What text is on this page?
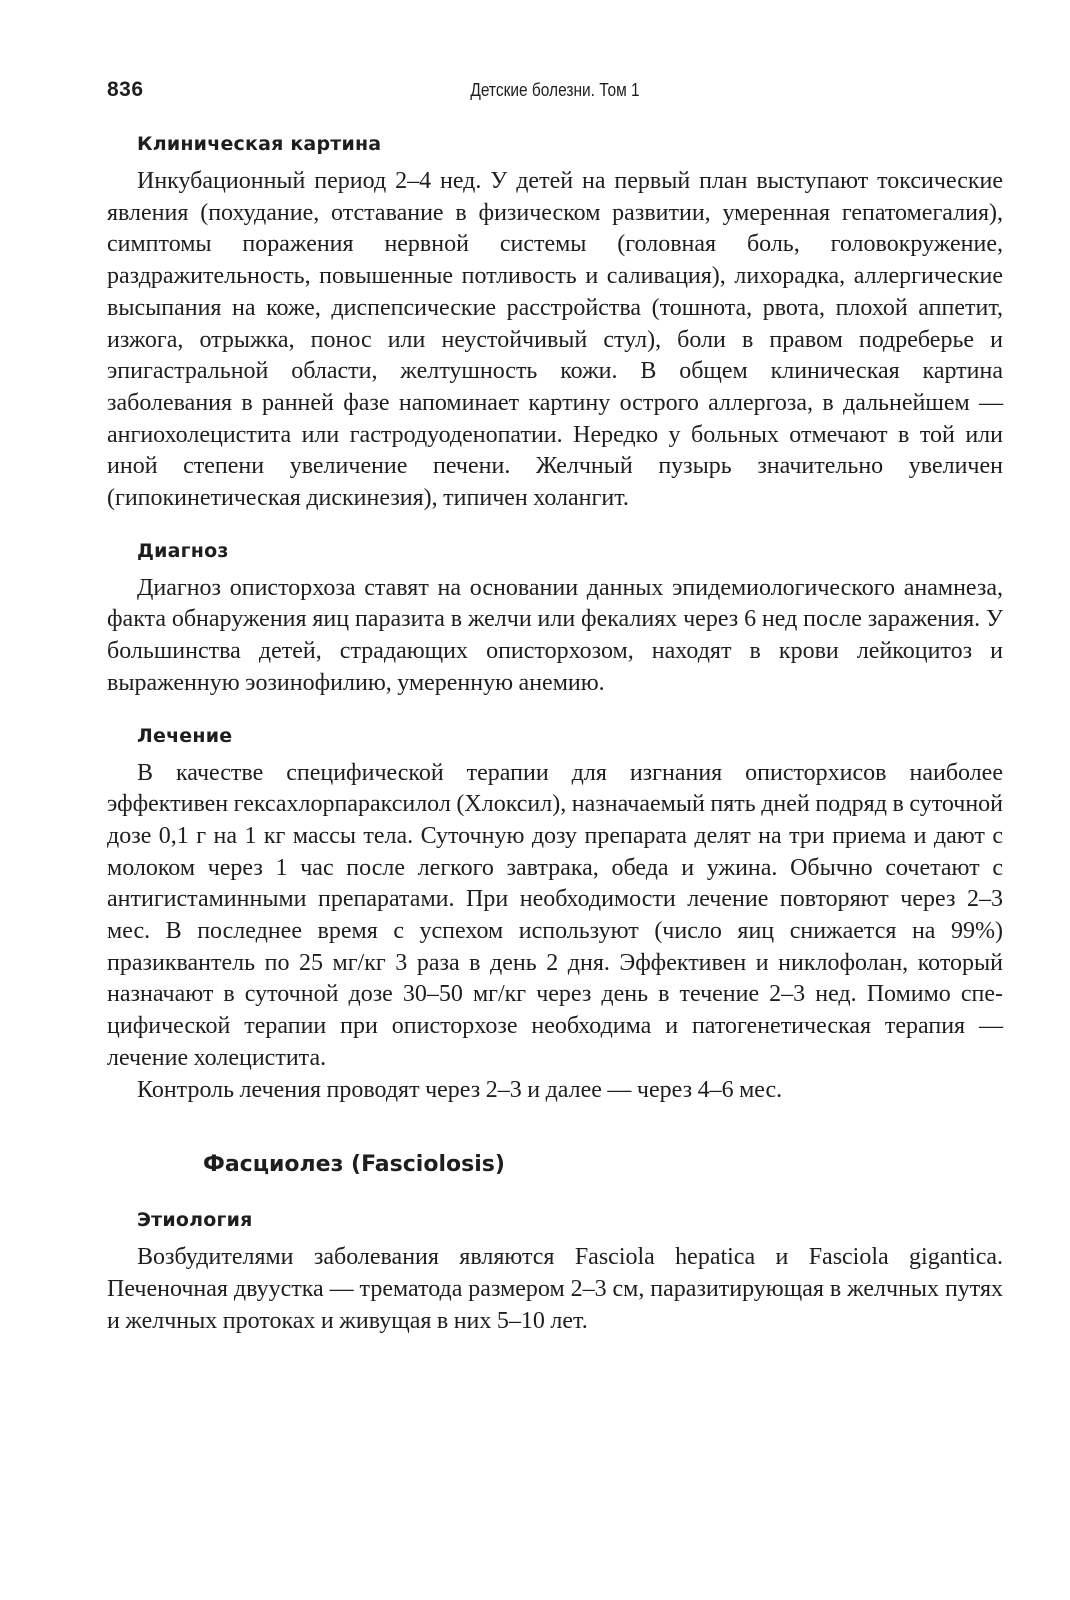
836	Детские болезни. Том 1
Клиническая картина

Инкубационный период 2–4 нед. У детей на первый план выступают токсические явления (похудание, отставание в физическом развитии, умеренная гепатомегалия), симптомы поражения нервной системы (головная боль, головокружение, раздражительность, повышенные потливость и саливация), лихорадка, аллергические высыпания на коже, диспепсические расстройства (тошнота, рвота, плохой аппетит, изжога, отрыжка, понос или неустойчивый стул), боли в правом подреберье и эпигастральной области, желтушность кожи. В общем клиническая картина заболевания в ранней фазе напоминает картину острого аллергоза, в дальнейшем — ангиохолецистита или гастродуоденопатии. Нередко у больных отмечают в той или иной степени увеличение печени. Желчный пузырь значительно увеличен (гипокинетическая дискинезия), типичен холангит.

Диагноз

Диагноз описторхоза ставят на основании данных эпидемиологического анамнеза, факта обнаружения яиц паразита в желчи или фекалиях через 6 нед после заражения. У большинства детей, страдающих описторхозом, находят в крови лейкоцитоз и выраженную эозинофилию, умеренную анемию.

Лечение

В качестве специфической терапии для изгнания описторхисов наиболее эффективен гексахлорпараксилол (Хлоксил), назначаемый пять дней подряд в суточной дозе 0,1 г на 1 кг массы тела. Суточную дозу препарата делят на три приема и дают с молоком через 1 час после легкого завтрака, обеда и ужина. Обычно сочетают с антигистаминными препаратами. При необходимости лечение повторяют через 2–3 мес. В последнее время с успехом используют (число яиц снижается на 99%) празиквантель по 25 мг/кг 3 раза в день 2 дня. Эффективен и никлофолан, который назначают в суточной дозе 30–50 мг/кг через день в течение 2–3 нед. Помимо специфической терапии при описторхозе необходима и патогенетическая терапия — лечение холецистита.

Контроль лечения проводят через 2–3 и далее — через 4–6 мес.

Фасциолез (Fasciolosis)
Этиология

Возбудителями заболевания являются Fasciola hepatica и Fasciola gigantica. Печеночная двуустка — трематода размером 2–3 см, паразитирующая в желчных путях и желчных протоках и живущая в них 5–10 лет.
